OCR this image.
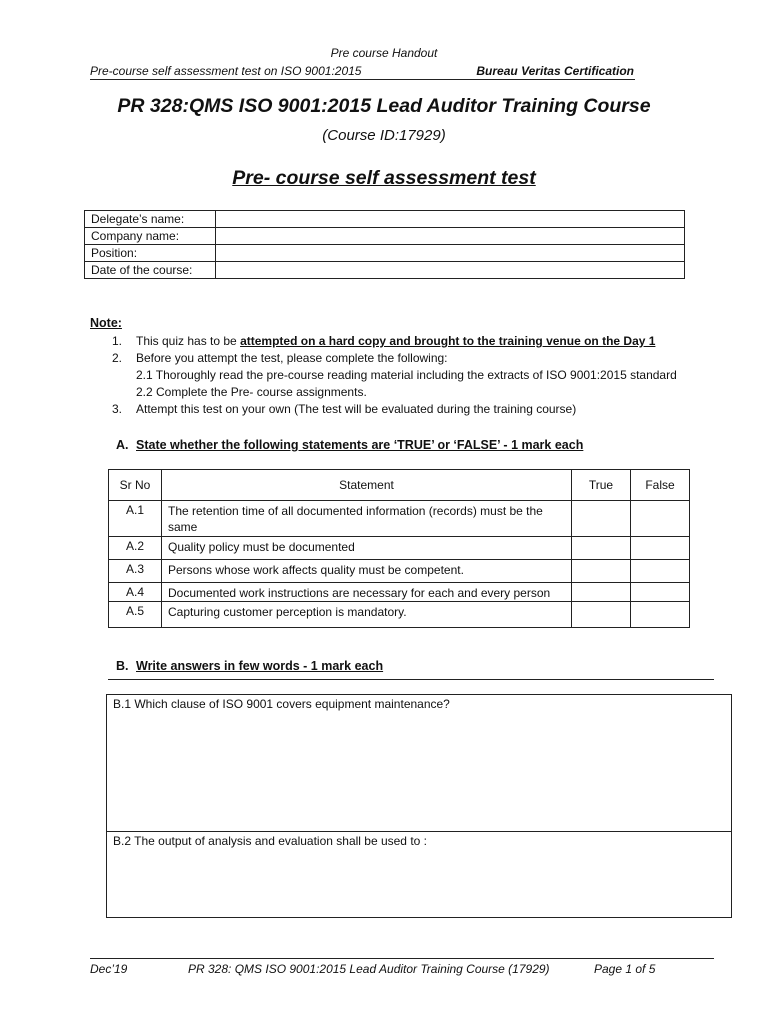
Pre course Handout
Pre-course self assessment test on ISO 9001:2015	Bureau Veritas Certification
PR 328:QMS ISO 9001:2015 Lead Auditor Training Course
(Course ID:17929)
Pre- course self assessment test
Delegate’s name:	
Company name:	
Position:	
Date of the course:	
Note:
1. This quiz has to be attempted on a hard copy and brought to the training venue on the Day 1
2. Before you attempt the test, please complete the following:
2.1 Thoroughly read the pre-course reading material including the extracts of ISO 9001:2015 standard
2.2 Complete the Pre- course assignments.
3. Attempt this test on your own (The test will be evaluated during the training course)
A. State whether the following statements are ‘TRUE’ or ‘FALSE’ - 1 mark each
Sr No	Statement	True	False
A.1	The retention time of all documented information (records) must be the same		
A.2	Quality policy must be documented		
A.3	Persons whose work affects quality must be competent.		
A.4	Documented work instructions are necessary for each and every person		
A.5	Capturing customer perception is mandatory.		
B. Write answers in few words - 1 mark each
B.1 Which clause of ISO 9001 covers equipment maintenance?
B.2 The output of analysis and evaluation shall be used to :
Dec’19	PR 328: QMS ISO 9001:2015 Lead Auditor Training Course (17929)	Page 1 of 5
